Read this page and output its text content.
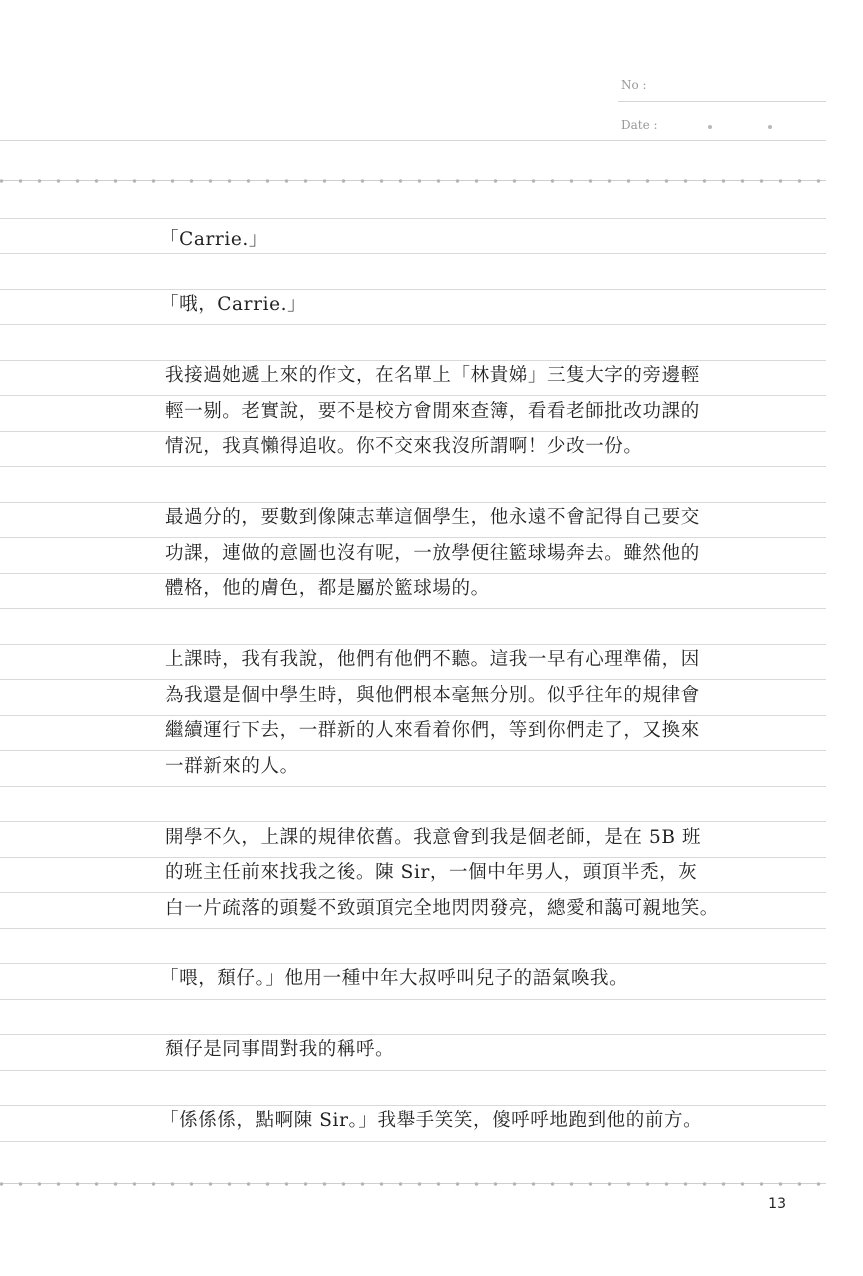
No :
Date :
「Carrie.」
「哦，Carrie.」
我接過她遞上來的作文，在名單上「林貴娣」三隻大字的旁邊輕
輕一剔。老實說，要不是校方會閒來查簿，看看老師批改功課的
情況，我真懶得追收。你不交來我沒所謂啊！少改一份。
最過分的，要數到像陳志華這個學生，他永遠不會記得自己要交
功課，連做的意圖也沒有呢，一放學便往籃球場奔去。雖然他的
體格，他的膚色，都是屬於籃球場的。
上課時，我有我說，他們有他們不聽。這我一早有心理準備，因
為我還是個中學生時，與他們根本毫無分別。似乎往年的規律會
繼續運行下去，一群新的人來看着你們，等到你們走了，又換來
一群新來的人。
開學不久，上課的規律依舊。我意會到我是個老師，是在 5B 班
的班主任前來找我之後。陳 Sir，一個中年男人，頭頂半禿，灰
白一片疏落的頭髮不致頭頂完全地閃閃發亮，總愛和藹可親地笑。
「喂，頹仔。」他用一種中年大叔呼叫兒子的語氣喚我。
頹仔是同事間對我的稱呼。
「係係係，點啊陳 Sir。」我舉手笑笑，傻呼呼地跑到他的前方。
13
